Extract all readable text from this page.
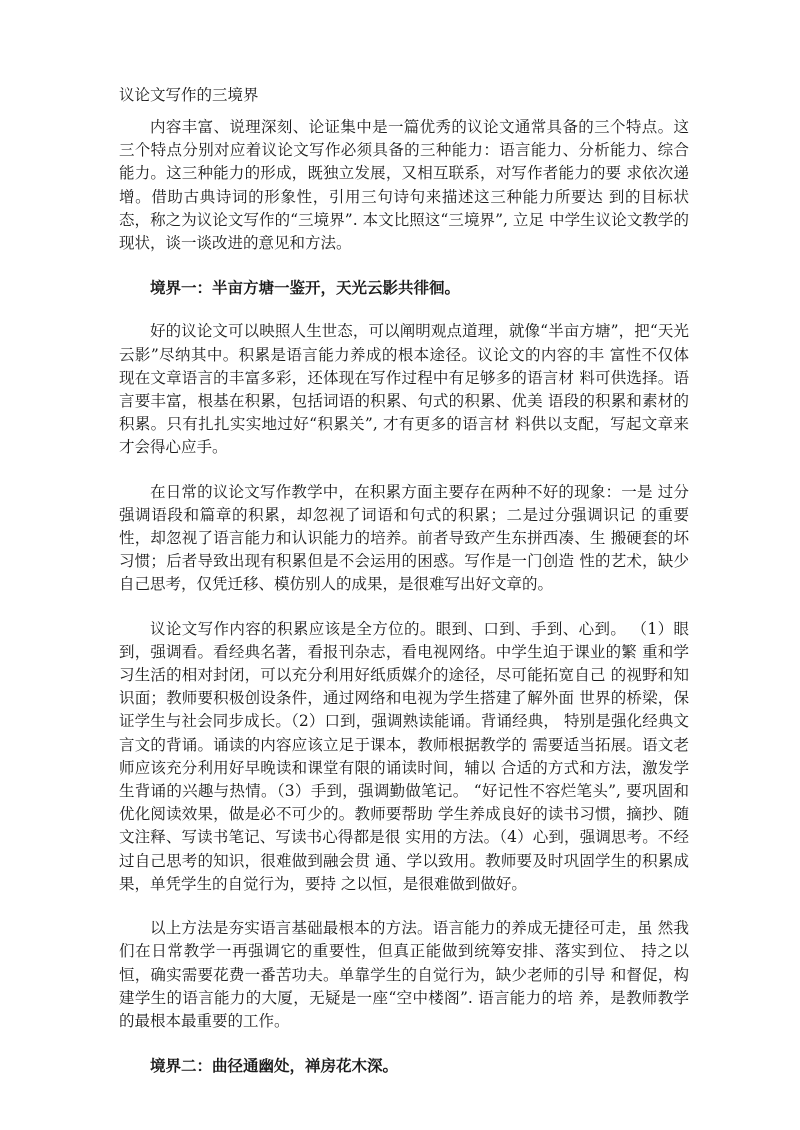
议论文写作的三境界

内容丰富、说理深刻、论证集中是一篇优秀的议论文通常具备的三个特点。这三个特点分别对应着议论文写作必须具备的三种能力：语言能力、分析能力、综合能力。这三种能力的形成，既独立发展，又相互联系，对写作者能力的要 求依次递增。借助古典诗词的形象性，引用三句诗句来描述这三种能力所要达 到的目标状态，称之为议论文写作的“三境界”. 本文比照这“三境界”, 立足 中学生议论文教学的现状，谈一谈改进的意见和方法。

境界一：半亩方塘一鉴开，天光云影共徘徊。

好的议论文可以映照人生世态，可以阐明观点道理，就像“半亩方塘”，把“天光云影”尽纳其中。积累是语言能力养成的根本途径。议论文的内容的丰 富性不仅体现在文章语言的丰富多彩，还体现在写作过程中有足够多的语言材 料可供选择。语言要丰富，根基在积累，包括词语的积累、句式的积累、优美 语段的积累和素材的积累。只有扎扎实实地过好“积累关”, 才有更多的语言材 料供以支配，写起文章来才会得心应手。

在日常的议论文写作教学中，在积累方面主要存在两种不好的现象：一是 过分强调语段和篇章的积累，却忽视了词语和句式的积累；二是过分强调识记 的重要性，却忽视了语言能力和认识能力的培养。前者导致产生东拼西凑、生 搬硬套的坏习惯；后者导致出现有积累但是不会运用的困惑。写作是一门创造 性的艺术，缺少自己思考，仅凭迁移、模仿别人的成果，是很难写出好文章的。

议论文写作内容的积累应该是全方位的。眼到、口到、手到、心到。 （1）眼到，强调看。看经典名著，看报刊杂志，看电视网络。中学生迫于课业的繁 重和学习生活的相对封闭，可以充分利用好纸质媒介的途径，尽可能拓宽自己 的视野和知识面；教师要积极创设条件，通过网络和电视为学生搭建了解外面 世界的桥梁，保证学生与社会同步成长。（2）口到，强调熟读能诵。背诵经典， 特别是强化经典文言文的背诵。诵读的内容应该立足于课本，教师根据教学的 需要适当拓展。语文老师应该充分利用好早晚读和课堂有限的诵读时间，辅以 合适的方式和方法，激发学生背诵的兴趣与热情。（3）手到，强调勤做笔记。 “好记性不容烂笔头”, 要巩固和优化阅读效果，做是必不可少的。教师要帮助 学生养成良好的读书习惯，摘抄、随文注释、写读书笔记、写读书心得都是很 实用的方法。（4）心到，强调思考。不经过自己思考的知识，很难做到融会贯 通、学以致用。教师要及时巩固学生的积累成果，单凭学生的自觉行为，要持 之以恒，是很难做到做好。

以上方法是夯实语言基础最根本的方法。语言能力的养成无捷径可走，虽 然我们在日常教学一再强调它的重要性，但真正能做到统筹安排、落实到位、 持之以恒，确实需要花费一番苦功夫。单靠学生的自觉行为，缺少老师的引导 和督促，构建学生的语言能力的大厦，无疑是一座“空中楼阁”. 语言能力的培 养，是教师教学的最根本最重要的工作。

境界二：曲径通幽处，禅房花木深。
